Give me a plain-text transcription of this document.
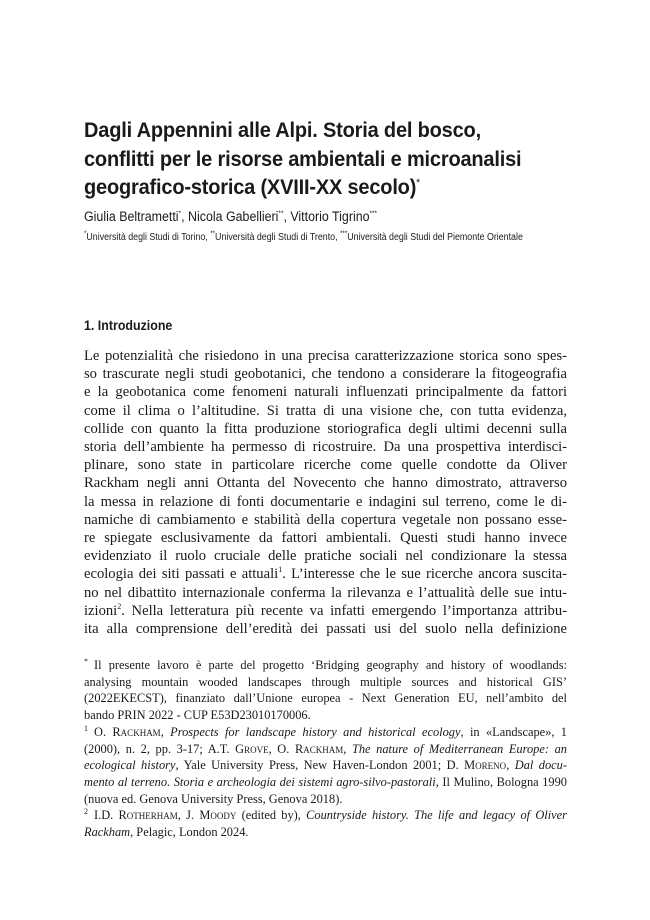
Dagli Appennini alle Alpi. Storia del bosco,
conflitti per le risorse ambientali e microanalisi
geografico-storica (XVIII-XX secolo)*
Giulia Beltrametti*, Nicola Gabellieri**, Vittorio Tigrino***
*Università degli Studi di Torino, **Università degli Studi di Trento, ***Università degli Studi del Piemonte Orientale
1. Introduzione
Le potenzialità che risiedono in una precisa caratterizzazione storica sono spes-
so trascurate negli studi geobotanici, che tendono a considerare la fitogeografia
e la geobotanica come fenomeni naturali influenzati principalmente da fattori
come il clima o l’altitudine. Si tratta di una visione che, con tutta evidenza,
collide con quanto la fitta produzione storiografica degli ultimi decenni sulla
storia dell’ambiente ha permesso di ricostruire. Da una prospettiva interdisci-
plinare, sono state in particolare ricerche come quelle condotte da Oliver
Rackham negli anni Ottanta del Novecento che hanno dimostrato, attraverso
la messa in relazione di fonti documentarie e indagini sul terreno, come le di-
namiche di cambiamento e stabilità della copertura vegetale non possano esse-
re spiegate esclusivamente da fattori ambientali. Questi studi hanno invece
evidenziato il ruolo cruciale delle pratiche sociali nel condizionare la stessa
ecologia dei siti passati e attuali$^1$. L’interesse che le sue ricerche ancora suscita-
no nel dibattito internazionale conferma la rilevanza e l’attualità delle sue intu-
izioni$^2$. Nella letteratura più recente va infatti emergendo l’importanza attribu-
ita alla comprensione dell’eredità dei passati usi del suolo nella definizione
* Il presente lavoro è parte del progetto ‘Bridging geography and history of woodlands:
analysing mountain wooded landscapes through multiple sources and historical GIS’
(2022EKECST), finanziato dall’Unione europea - Next Generation EU, nell’ambito del
bando PRIN 2022 - CUP E53D23010170006.
$^1$ O. Rackham, Prospects for landscape history and historical ecology, in «Landscape», 1
(2000), n. 2, pp. 3-17; A.T. Grove, O. Rackham, The nature of Mediterranean Europe: an
ecological history, Yale University Press, New Haven-London 2001; D. Moreno, Dal docu-
mento al terreno. Storia e archeologia dei sistemi agro-silvo-pastorali, Il Mulino, Bologna 1990
(nuova ed. Genova University Press, Genova 2018).
$^2$ I.D. Rotherham, J. Moody (edited by), Countryside history. The life and legacy of Oliver
Rackham, Pelagic, London 2024.
